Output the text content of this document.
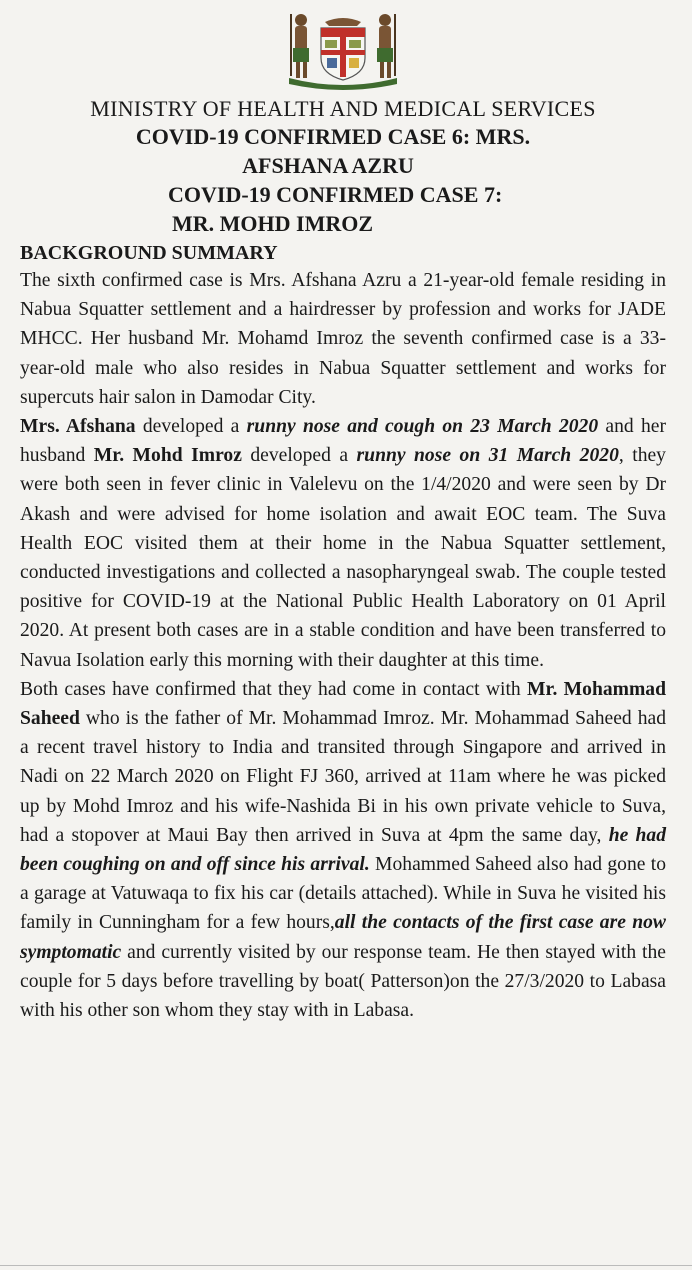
MINISTRY OF HEALTH AND MEDICAL SERVICES
COVID-19 CONFIRMED CASE 6: MRS.
AFSHANA AZRU
COVID-19 CONFIRMED CASE 7:
MR. MOHD IMROZ
BACKGROUND SUMMARY

The sixth confirmed case is Mrs. Afshana Azru a 21-year-old female residing in Nabua Squatter settlement and a hairdresser by profession and works for JADE MHCC. Her husband Mr. Mohamd Imroz the seventh confirmed case is a 33-year-old male who also resides in Nabua Squatter settlement and works for supercuts hair salon in Damodar City.

Mrs. Afshana developed a runny nose and cough on 23 March 2020 and her husband Mr. Mohd Imroz developed a runny nose on 31 March 2020, they were both seen in fever clinic in Valelevu on the 1/4/2020 and were seen by Dr Akash and were advised for home isolation and await EOC team. The Suva Health EOC visited them at their home in the Nabua Squatter settlement, conducted investigations and collected a nasopharyngeal swab. The couple tested positive for COVID-19 at the National Public Health Laboratory on 01 April 2020. At present both cases are in a stable condition and have been transferred to Navua Isolation early this morning with their daughter at this time.

Both cases have confirmed that they had come in contact with Mr. Mohammad Saheed who is the father of Mr. Mohammad Imroz. Mr. Mohammad Saheed had a recent travel history to India and transited through Singapore and arrived in Nadi on 22 March 2020 on Flight FJ 360, arrived at 11am where he was picked up by Mohd Imroz and his wife-Nashida Bi in his own private vehicle to Suva, had a stopover at Maui Bay then arrived in Suva at 4pm the same day, he had been coughing on and off since his arrival. Mohammed Saheed also had gone to a garage at Vatuwaqa to fix his car (details attached). While in Suva he visited his family in Cunningham for a few hours,all the contacts of the first case are now symptomatic and currently visited by our response team. He then stayed with the couple for 5 days before travelling by boat( Patterson)on the 27/3/2020 to Labasa with his other son whom they stay with in Labasa.
